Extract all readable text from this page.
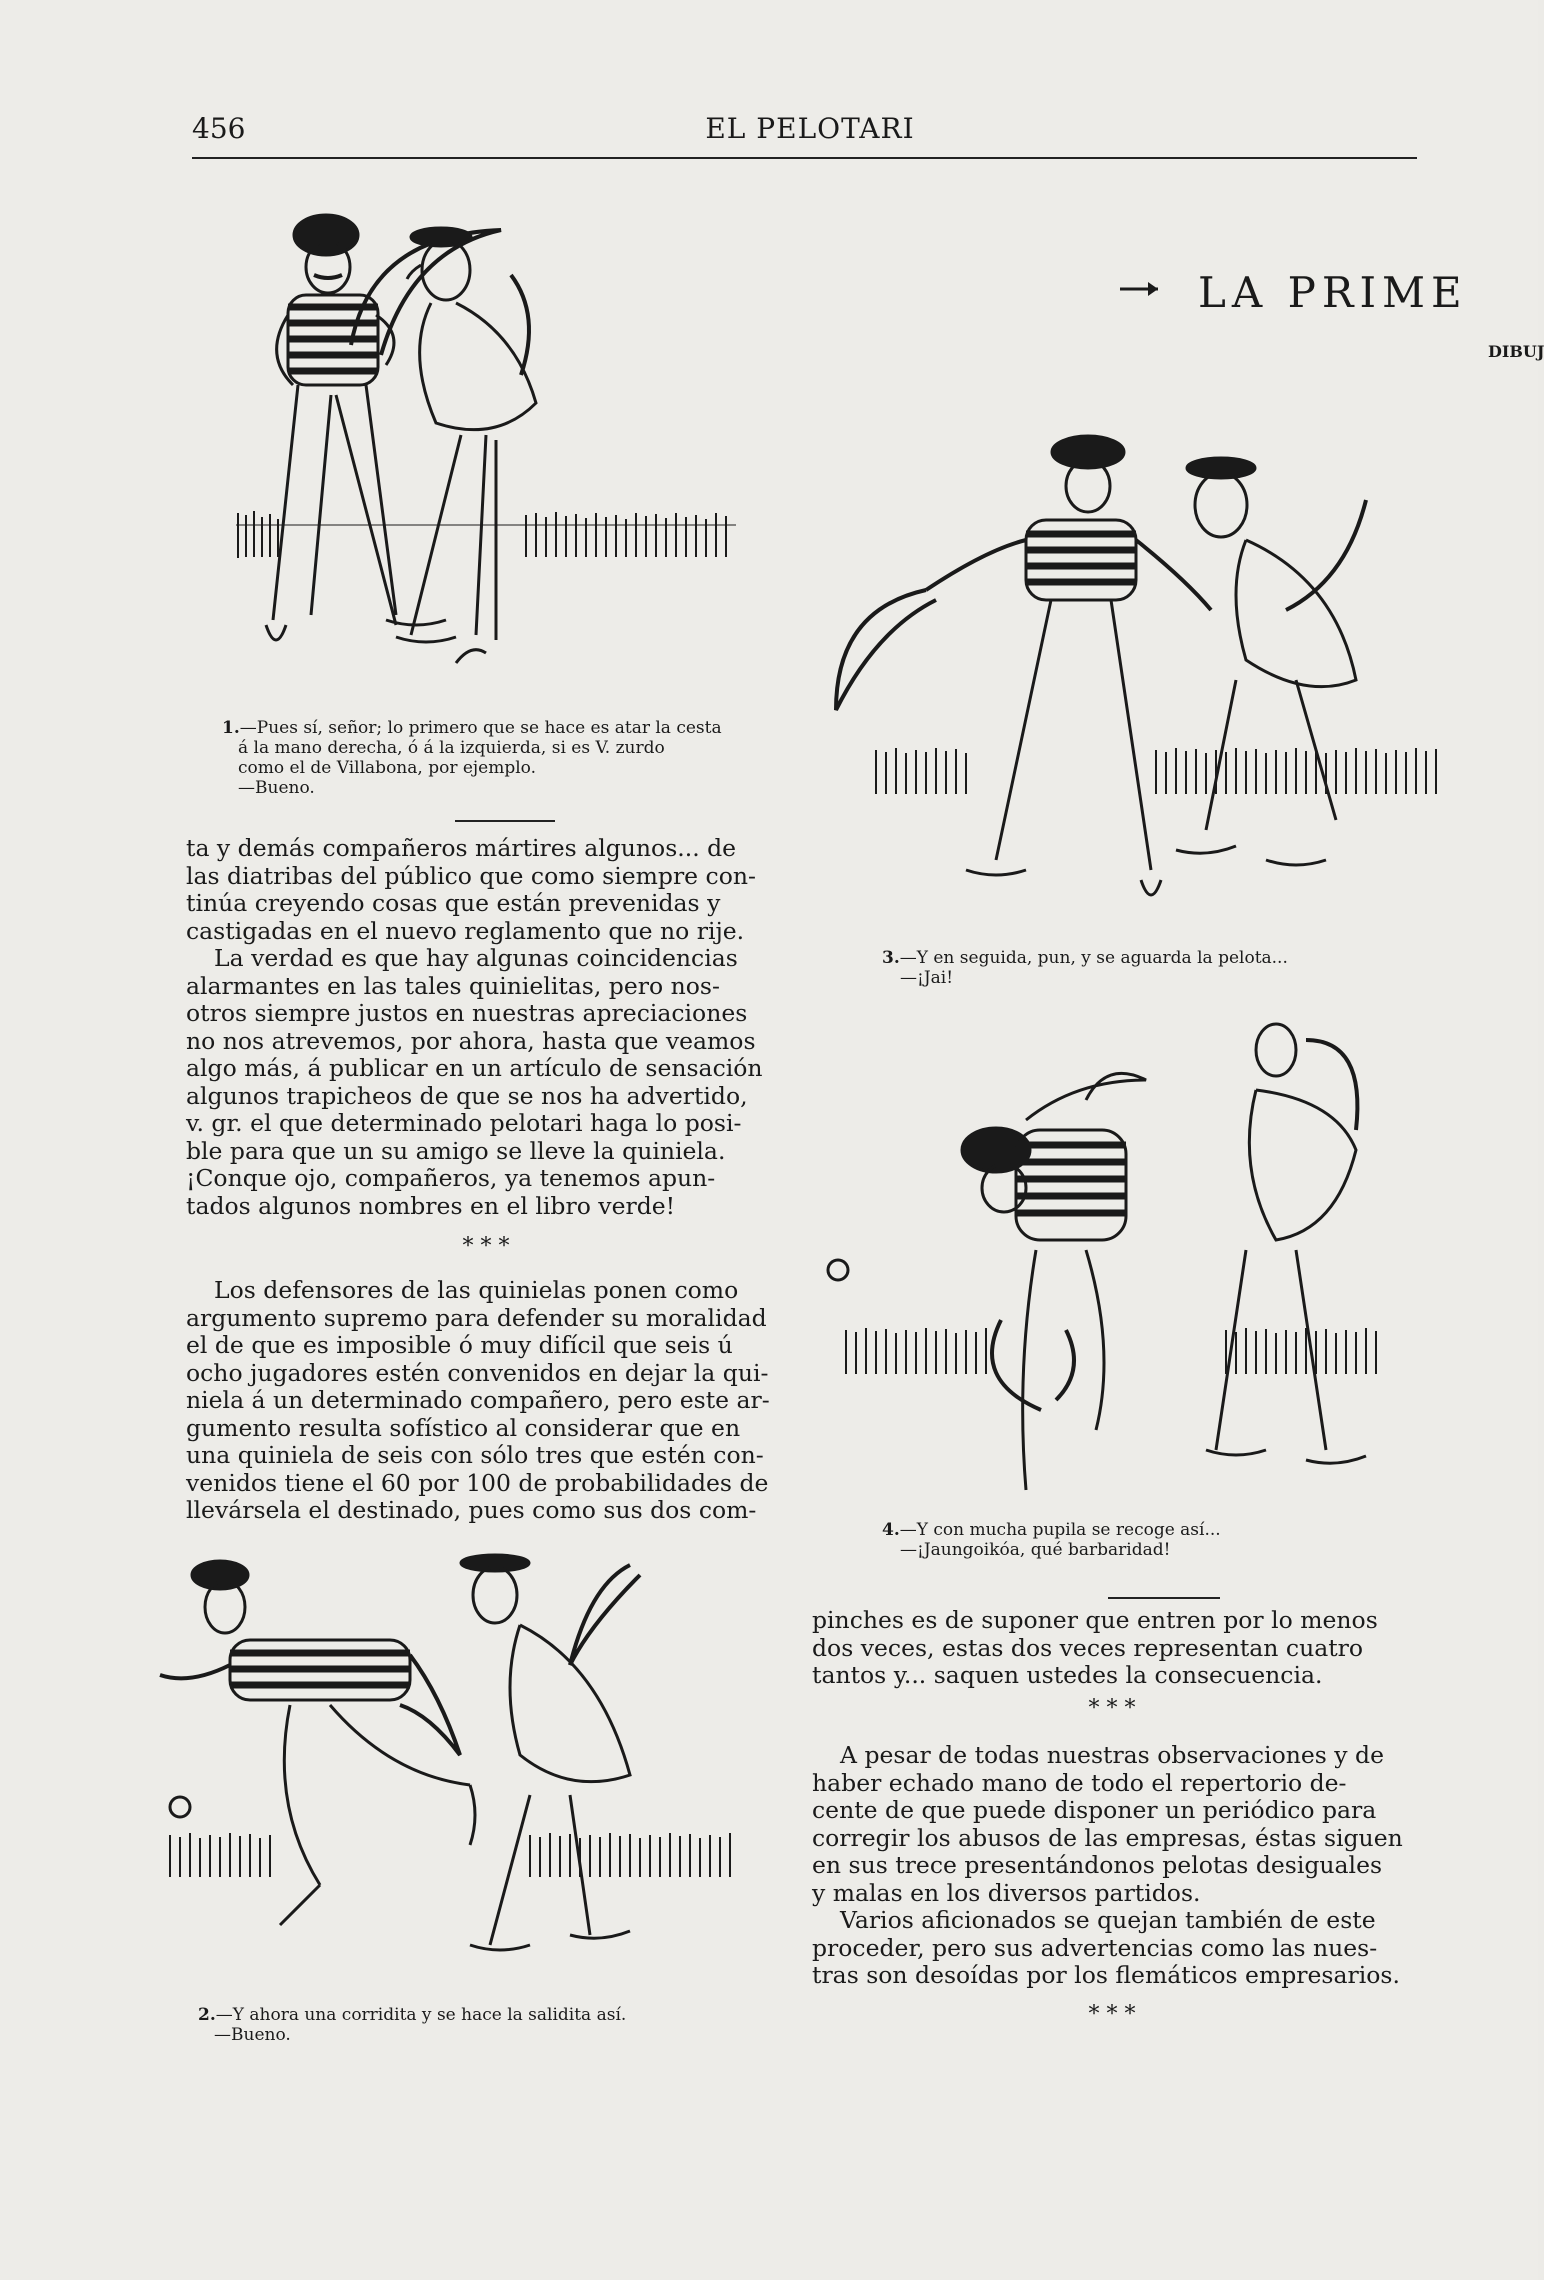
456	EL PELOTARI
1.—Pues sí, señor; lo primero que se hace es atar la cesta
á la mano derecha, ó á la izquierda, si es V. zurdo
como el de Villabona, por ejemplo.
—Bueno.
ta y demás compañeros mártires algunos... de
las diatribas del público que como siempre con-
tinúa creyendo cosas que están prevenidas y
castigadas en el nuevo reglamento que no rije.
La verdad es que hay algunas coincidencias
alarmantes en las tales quinielitas, pero nos-
otros siempre justos en nuestras apreciaciones
no nos atrevemos, por ahora, hasta que veamos
algo más, á publicar en un artículo de sensación
algunos trapicheos de que se nos ha advertido,
v. gr. el que determinado pelotari haga lo posi-
ble para que un su amigo se lleve la quiniela.
¡Conque ojo, compañeros, ya tenemos apun-
tados algunos nombres en el libro verde!
* * *
Los defensores de las quinielas ponen como
argumento supremo para defender su moralidad
el de que es imposible ó muy difícil que seis ú
ocho jugadores estén convenidos en dejar la qui-
niela á un determinado compañero, pero este ar-
gumento resulta sofístico al considerar que en
una quiniela de seis con sólo tres que estén con-
venidos tiene el 60 por 100 de probabilidades de
llevársela el destinado, pues como sus dos com-
2.—Y ahora una corridita y se hace la salidita así.
—Bueno.
LA PRIME
DIBUJ
3.—Y en seguida, pun, y se aguarda la pelota...
—¡Jai!
4.—Y con mucha pupila se recoge así...
—¡Jaungoikóa, qué barbaridad!
pinches es de suponer que entren por lo menos
dos veces, estas dos veces representan cuatro
tantos y... saquen ustedes la consecuencia.
* * *
A pesar de todas nuestras observaciones y de
haber echado mano de todo el repertorio de-
cente de que puede disponer un periódico para
corregir los abusos de las empresas, éstas siguen
en sus trece presentándonos pelotas desiguales
y malas en los diversos partidos.
Varios aficionados se quejan también de este
proceder, pero sus advertencias como las nues-
tras son desoídas por los flemáticos empresarios.
* * *
